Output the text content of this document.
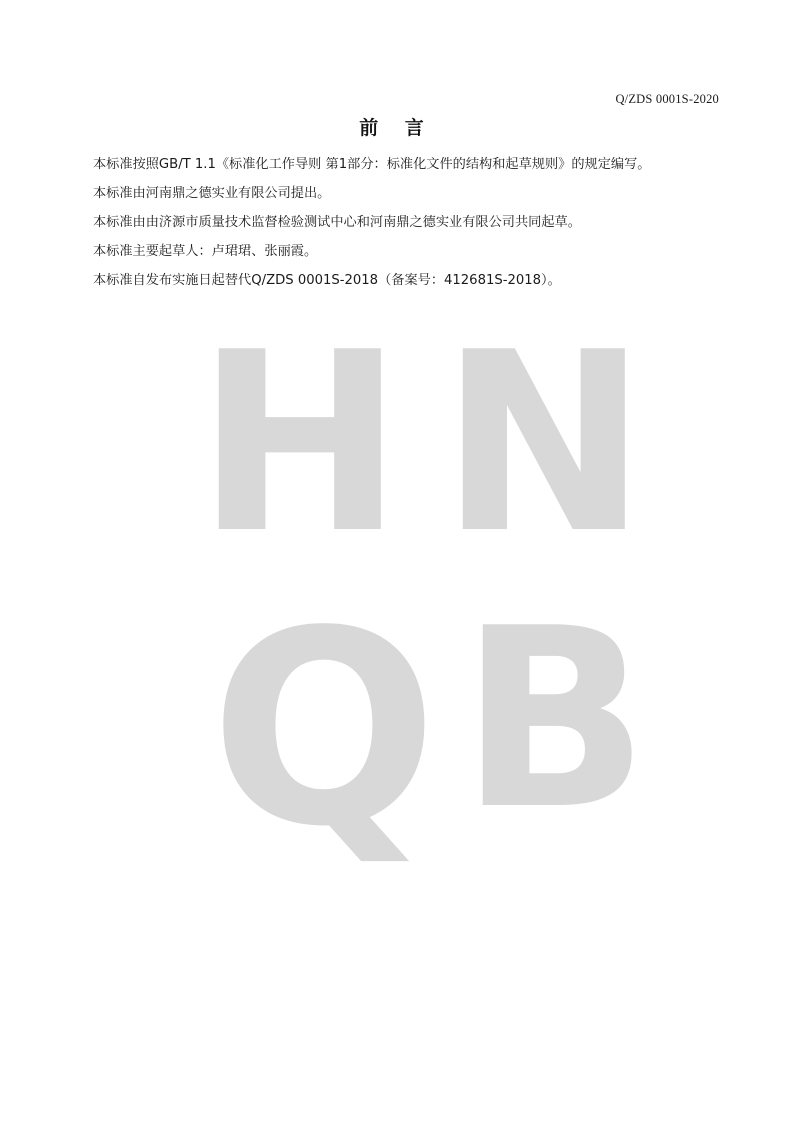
H N
Q B
Q/ZDS 0001S-2020
前 言
本标准按照GB/T 1.1《标准化工作导则 第1部分：标准化文件的结构和起草规则》的规定编写。
本标准由河南鼎之德实业有限公司提出。
本标准由由济源市质量技术监督检验测试中心和河南鼎之德实业有限公司共同起草。
本标准主要起草人：卢珺珺、张丽霞。
本标准自发布实施日起替代Q/ZDS 0001S-2018（备案号：412681S-2018）。
